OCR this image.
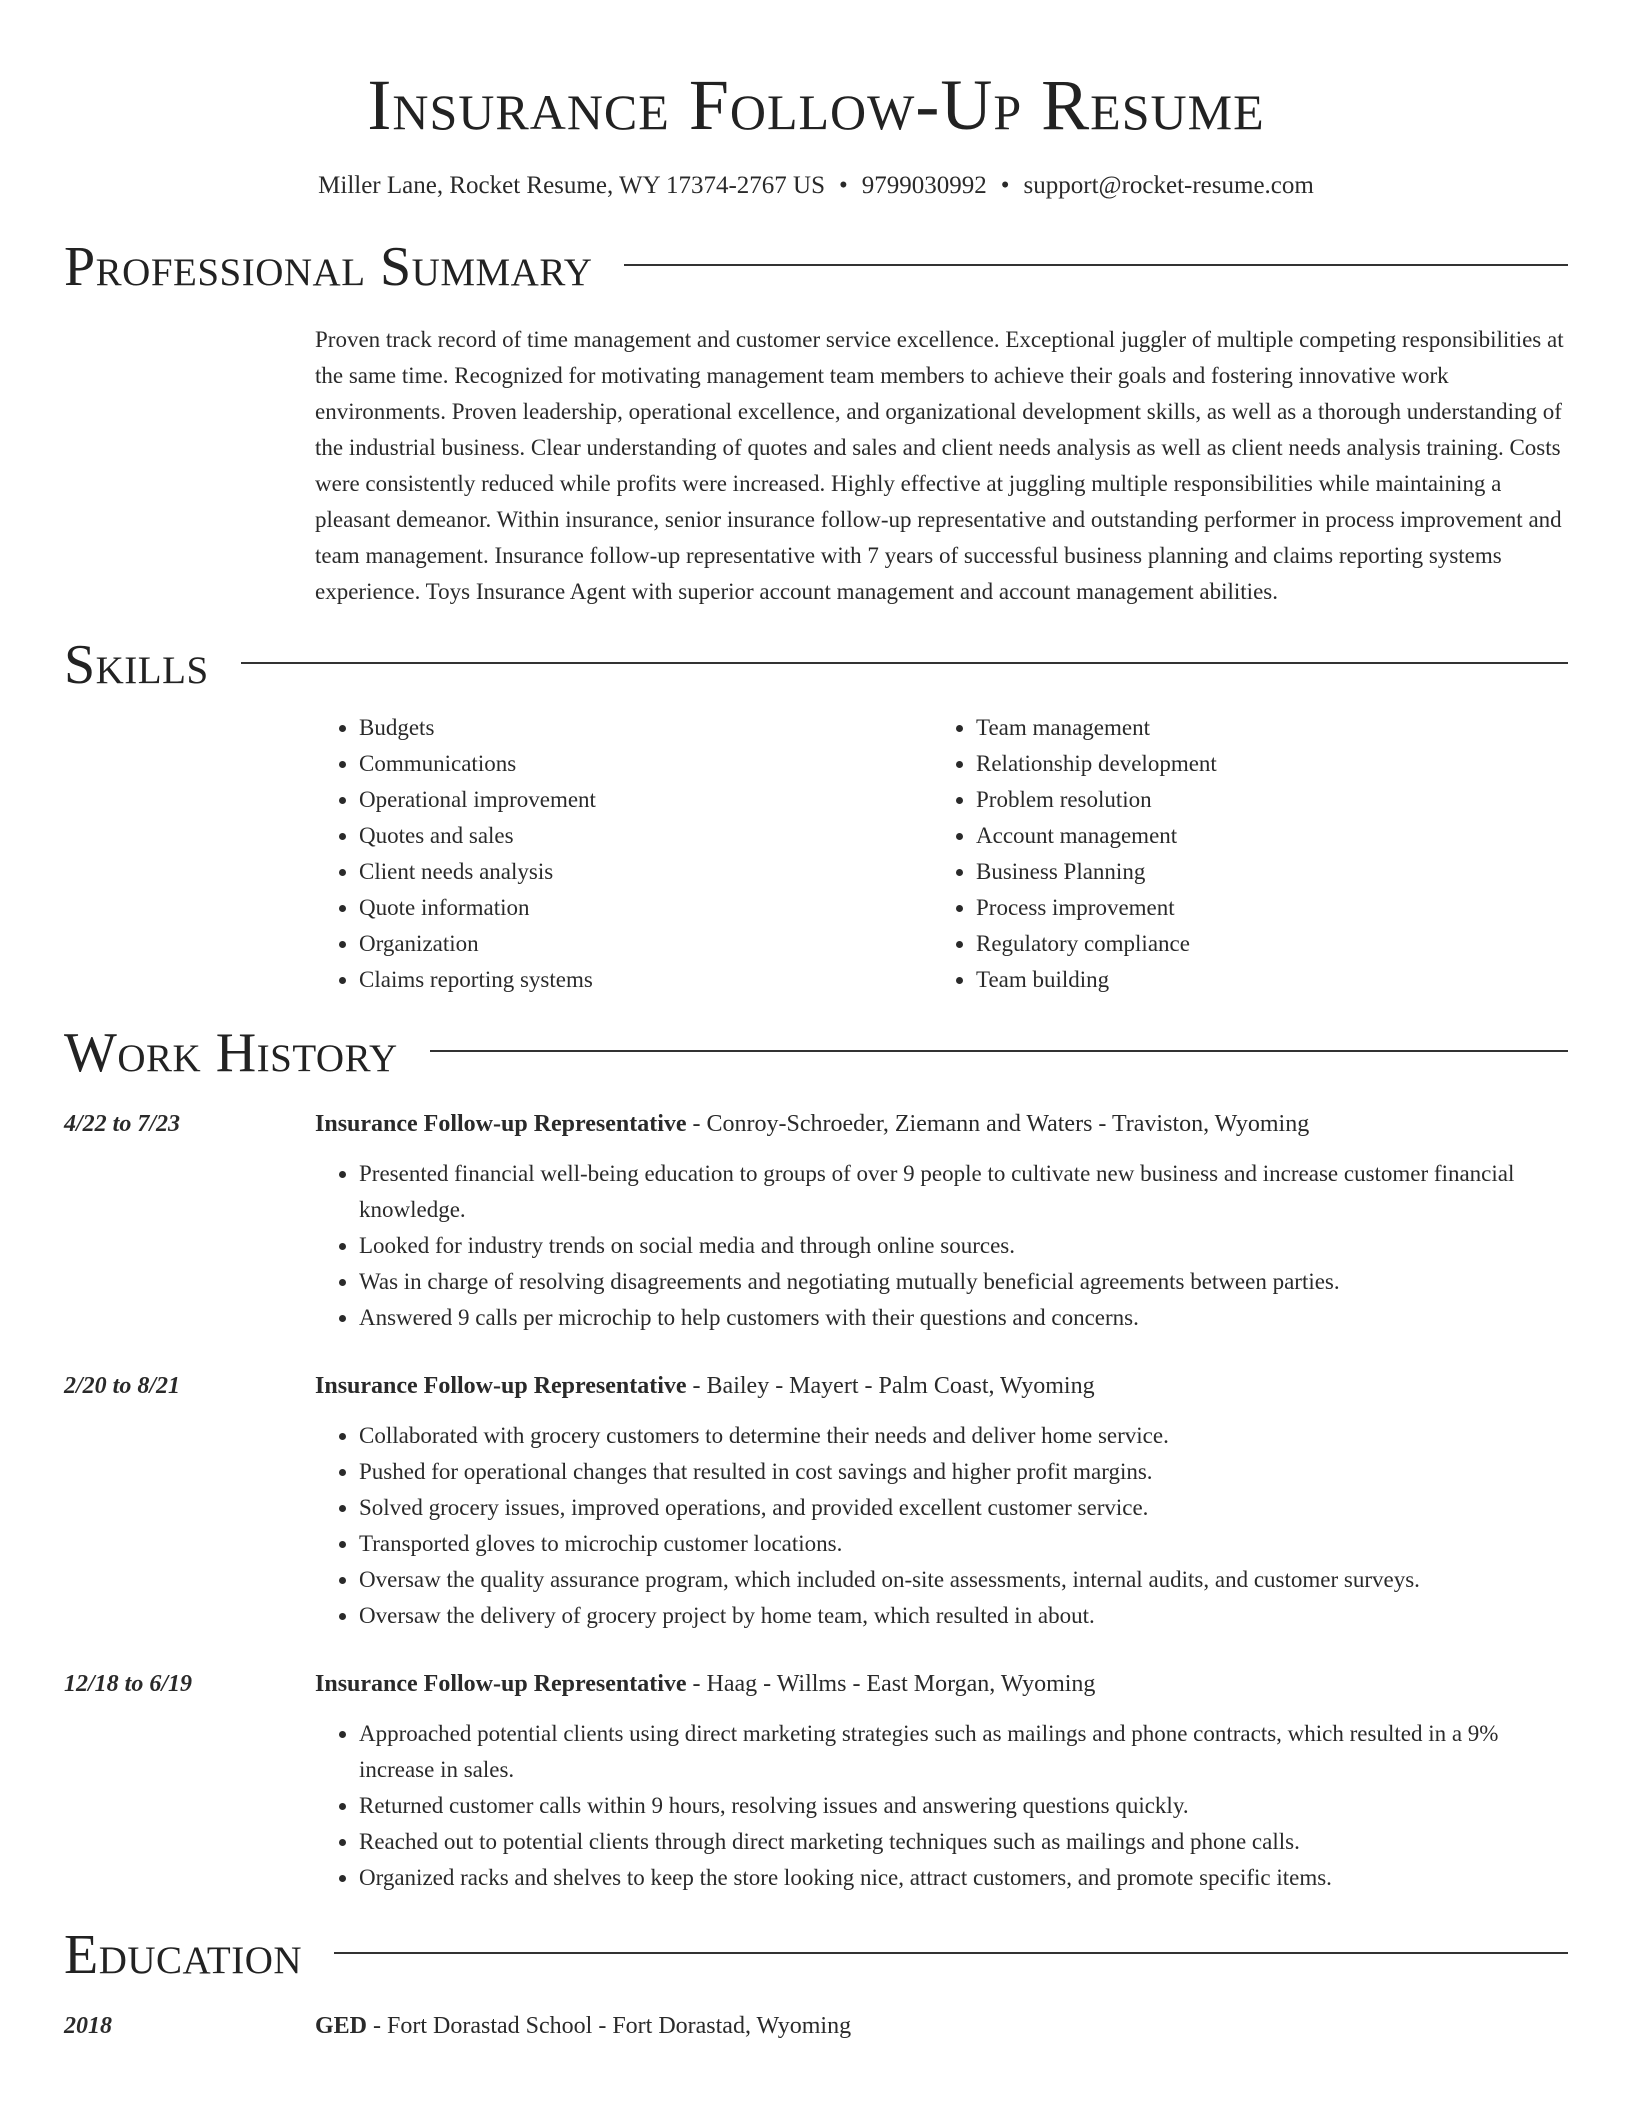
Insurance Follow-Up Resume
Miller Lane, Rocket Resume, WY 17374-2767 US • 9799030992 • support@rocket-resume.com
Professional Summary

Proven track record of time management and customer service excellence. Exceptional juggler of multiple competing responsibilities at the same time. Recognized for motivating management team members to achieve their goals and fostering innovative work environments. Proven leadership, operational excellence, and organizational development skills, as well as a thorough understanding of the industrial business. Clear understanding of quotes and sales and client needs analysis as well as client needs analysis training. Costs were consistently reduced while profits were increased. Highly effective at juggling multiple responsibilities while maintaining a pleasant demeanor. Within insurance, senior insurance follow-up representative and outstanding performer in process improvement and team management. Insurance follow-up representative with 7 years of successful business planning and claims reporting systems experience. Toys Insurance Agent with superior account management and account management abilities.

Skills
• Budgets
• Communications
• Operational improvement
• Quotes and sales
• Client needs analysis
• Quote information
• Organization
• Claims reporting systems
• Team management
• Relationship development
• Problem resolution
• Account management
• Business Planning
• Process improvement
• Regulatory compliance
• Team building
Work History
4/22 to 7/23	Insurance Follow-up Representative - Conroy-Schroeder, Ziemann and Waters - Traviston, Wyoming
• Presented financial well-being education to groups of over 9 people to cultivate new business and increase customer financial knowledge.
• Looked for industry trends on social media and through online sources.
• Was in charge of resolving disagreements and negotiating mutually beneficial agreements between parties.
• Answered 9 calls per microchip to help customers with their questions and concerns.
2/20 to 8/21	Insurance Follow-up Representative - Bailey - Mayert - Palm Coast, Wyoming
• Collaborated with grocery customers to determine their needs and deliver home service.
• Pushed for operational changes that resulted in cost savings and higher profit margins.
• Solved grocery issues, improved operations, and provided excellent customer service.
• Transported gloves to microchip customer locations.
• Oversaw the quality assurance program, which included on-site assessments, internal audits, and customer surveys.
• Oversaw the delivery of grocery project by home team, which resulted in about.
12/18 to 6/19	Insurance Follow-up Representative - Haag - Willms - East Morgan, Wyoming
• Approached potential clients using direct marketing strategies such as mailings and phone contracts, which resulted in a 9% increase in sales.
• Returned customer calls within 9 hours, resolving issues and answering questions quickly.
• Reached out to potential clients through direct marketing techniques such as mailings and phone calls.
• Organized racks and shelves to keep the store looking nice, attract customers, and promote specific items.
Education
2018	GED - Fort Dorastad School - Fort Dorastad, Wyoming
